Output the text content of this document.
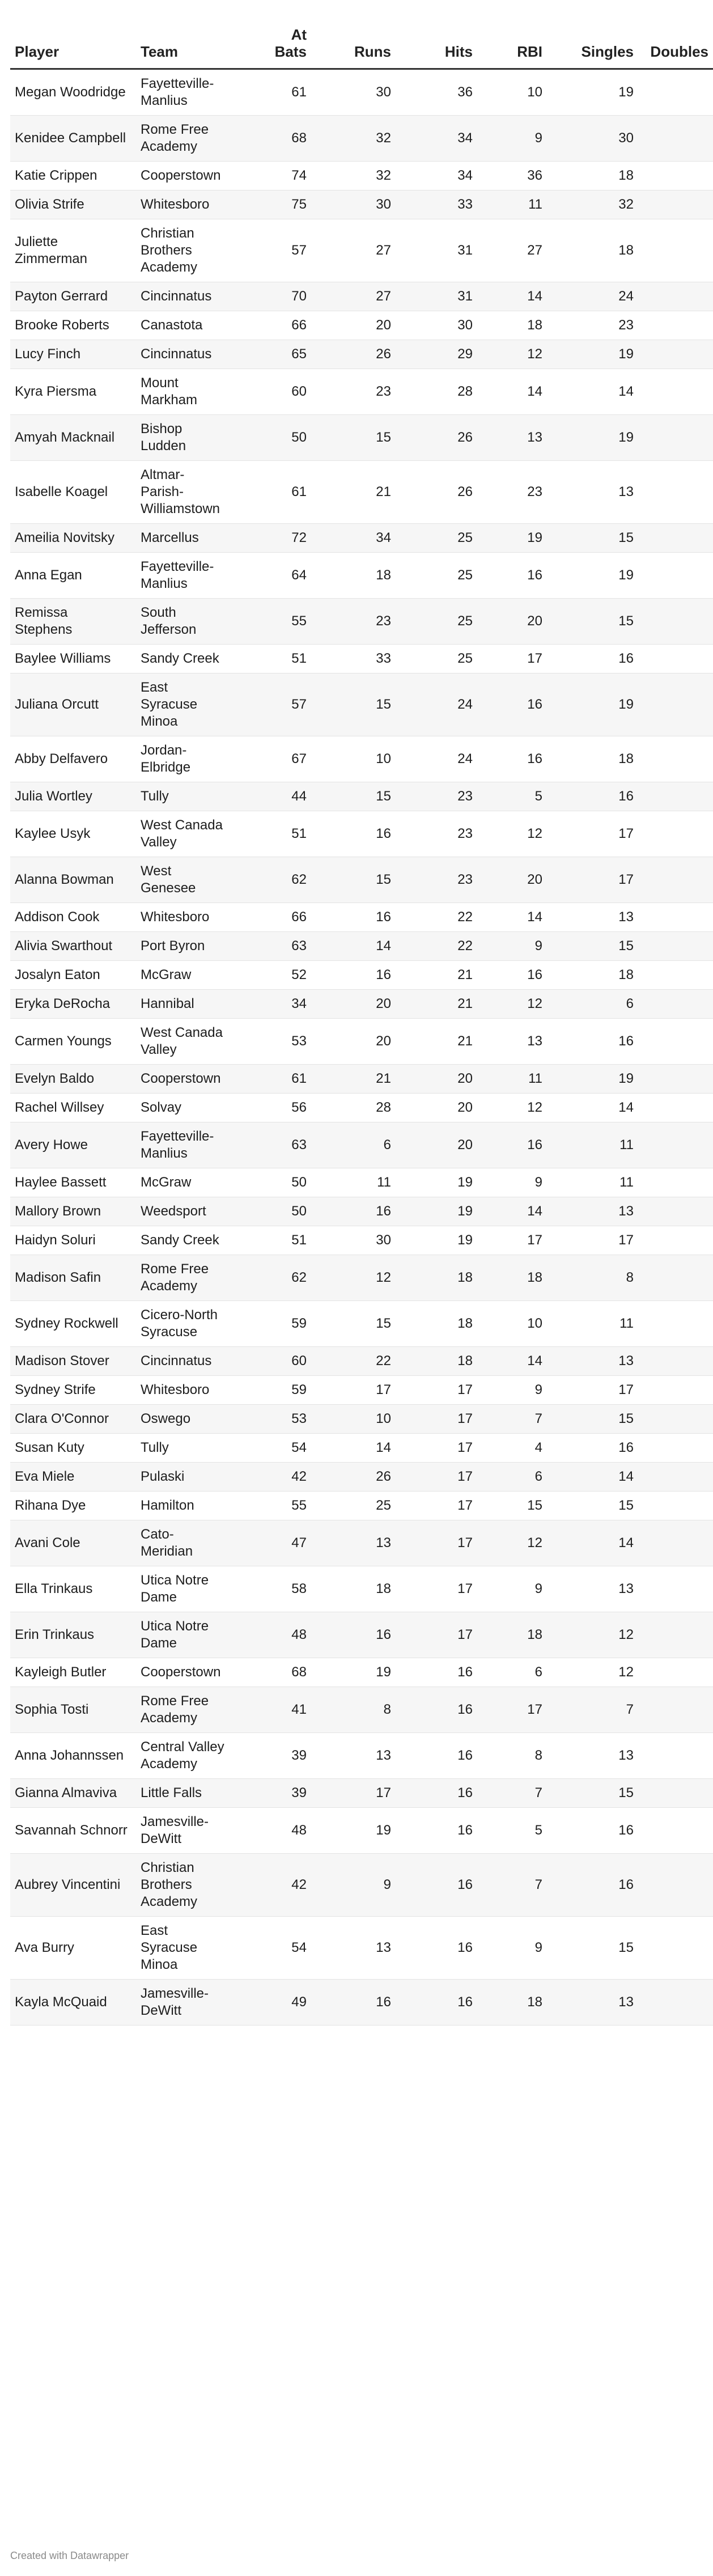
Player	Team	At Bats	Runs	Hits	RBI	Singles	Doubles
Megan Woodridge	Fayetteville-Manlius	61	30	36	10	19	
Kenidee Campbell	Rome Free Academy	68	32	34	9	30	
Katie Crippen	Cooperstown	74	32	34	36	18	
Olivia Strife	Whitesboro	75	30	33	11	32	
Juliette Zimmerman	Christian Brothers Academy	57	27	31	27	18	
Payton Gerrard	Cincinnatus	70	27	31	14	24	
Brooke Roberts	Canastota	66	20	30	18	23	
Lucy Finch	Cincinnatus	65	26	29	12	19	
Kyra Piersma	Mount Markham	60	23	28	14	14	
Amyah Macknail	Bishop Ludden	50	15	26	13	19	
Isabelle Koagel	Altmar-Parish-Williamstown	61	21	26	23	13	
Ameilia Novitsky	Marcellus	72	34	25	19	15	
Anna Egan	Fayetteville-Manlius	64	18	25	16	19	
Remissa Stephens	South Jefferson	55	23	25	20	15	
Baylee Williams	Sandy Creek	51	33	25	17	16	
Juliana Orcutt	East Syracuse Minoa	57	15	24	16	19	
Abby Delfavero	Jordan-Elbridge	67	10	24	16	18	
Julia Wortley	Tully	44	15	23	5	16	
Kaylee Usyk	West Canada Valley	51	16	23	12	17	
Alanna Bowman	West Genesee	62	15	23	20	17	
Addison Cook	Whitesboro	66	16	22	14	13	
Alivia Swarthout	Port Byron	63	14	22	9	15	
Josalyn Eaton	McGraw	52	16	21	16	18	
Eryka DeRocha	Hannibal	34	20	21	12	6	
Carmen Youngs	West Canada Valley	53	20	21	13	16	
Evelyn Baldo	Cooperstown	61	21	20	11	19	
Rachel Willsey	Solvay	56	28	20	12	14	
Avery Howe	Fayetteville-Manlius	63	6	20	16	11	
Haylee Bassett	McGraw	50	11	19	9	11	
Mallory Brown	Weedsport	50	16	19	14	13	
Haidyn Soluri	Sandy Creek	51	30	19	17	17	
Madison Safin	Rome Free Academy	62	12	18	18	8	
Sydney Rockwell	Cicero-North Syracuse	59	15	18	10	11	
Madison Stover	Cincinnatus	60	22	18	14	13	
Sydney Strife	Whitesboro	59	17	17	9	17	
Clara O'Connor	Oswego	53	10	17	7	15	
Susan Kuty	Tully	54	14	17	4	16	
Eva Miele	Pulaski	42	26	17	6	14	
Rihana Dye	Hamilton	55	25	17	15	15	
Avani Cole	Cato-Meridian	47	13	17	12	14	
Ella Trinkaus	Utica Notre Dame	58	18	17	9	13	
Erin Trinkaus	Utica Notre Dame	48	16	17	18	12	
Kayleigh Butler	Cooperstown	68	19	16	6	12	
Sophia Tosti	Rome Free Academy	41	8	16	17	7	
Anna Johannssen	Central Valley Academy	39	13	16	8	13	
Gianna Almaviva	Little Falls	39	17	16	7	15	
Savannah Schnorr	Jamesville-DeWitt	48	19	16	5	16	
Aubrey Vincentini	Christian Brothers Academy	42	9	16	7	16	
Ava Burry	East Syracuse Minoa	54	13	16	9	15	
Kayla McQuaid	Jamesville-DeWitt	49	16	16	18	13	
Created with Datawrapper
